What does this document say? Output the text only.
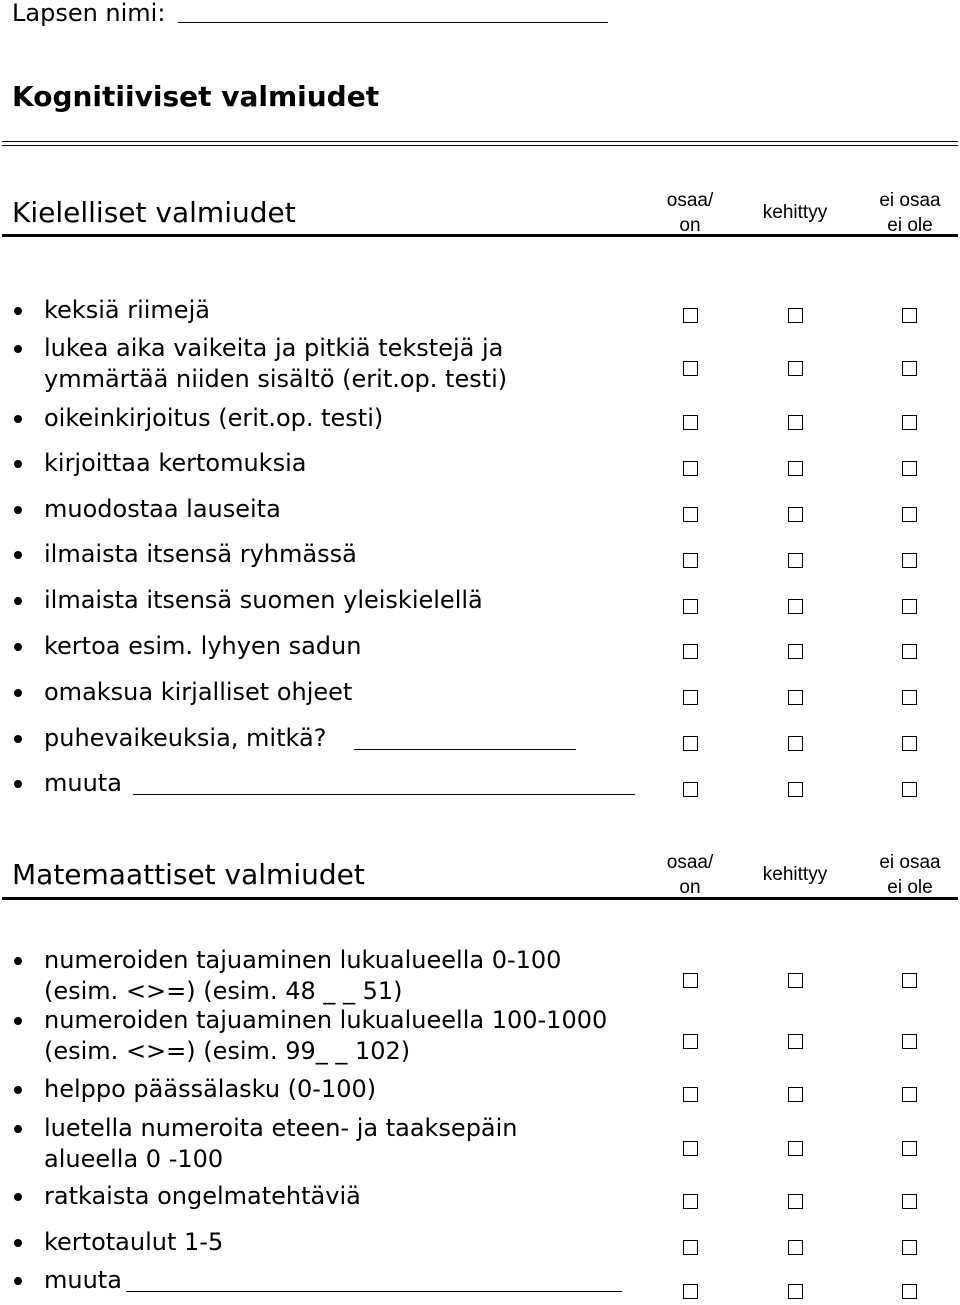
Lapsen nimi:
Kognitiiviset valmiudet
Kielelliset valmiudet	osaa/
on
kehittyy
ei osaa
ei ole
keksiä riimejä
lukea aika vaikeita ja pitkiä tekstejä ja
ymmärtää niiden sisältö (erit.op. testi)
oikeinkirjoitus (erit.op. testi)
kirjoittaa kertomuksia
muodostaa lauseita
ilmaista itsensä ryhmässä
ilmaista itsensä suomen yleiskielellä
kertoa esim. lyhyen sadun
omaksua kirjalliset ohjeet
puhevaikeuksia, mitkä?
muuta
Matemaattiset valmiudet	osaa/
on
kehittyy
ei osaa
ei ole
numeroiden tajuaminen lukualueella 0-100
(esim. <>=) (esim. 48 _ _ 51)
numeroiden tajuaminen lukualueella 100-1000
(esim. <>=) (esim. 99_ _ 102)
helppo päässälasku (0-100)
luetella numeroita eteen- ja taaksepäin
alueella 0 -100
ratkaista ongelmatehtäviä
kertotaulut 1-5
muuta
